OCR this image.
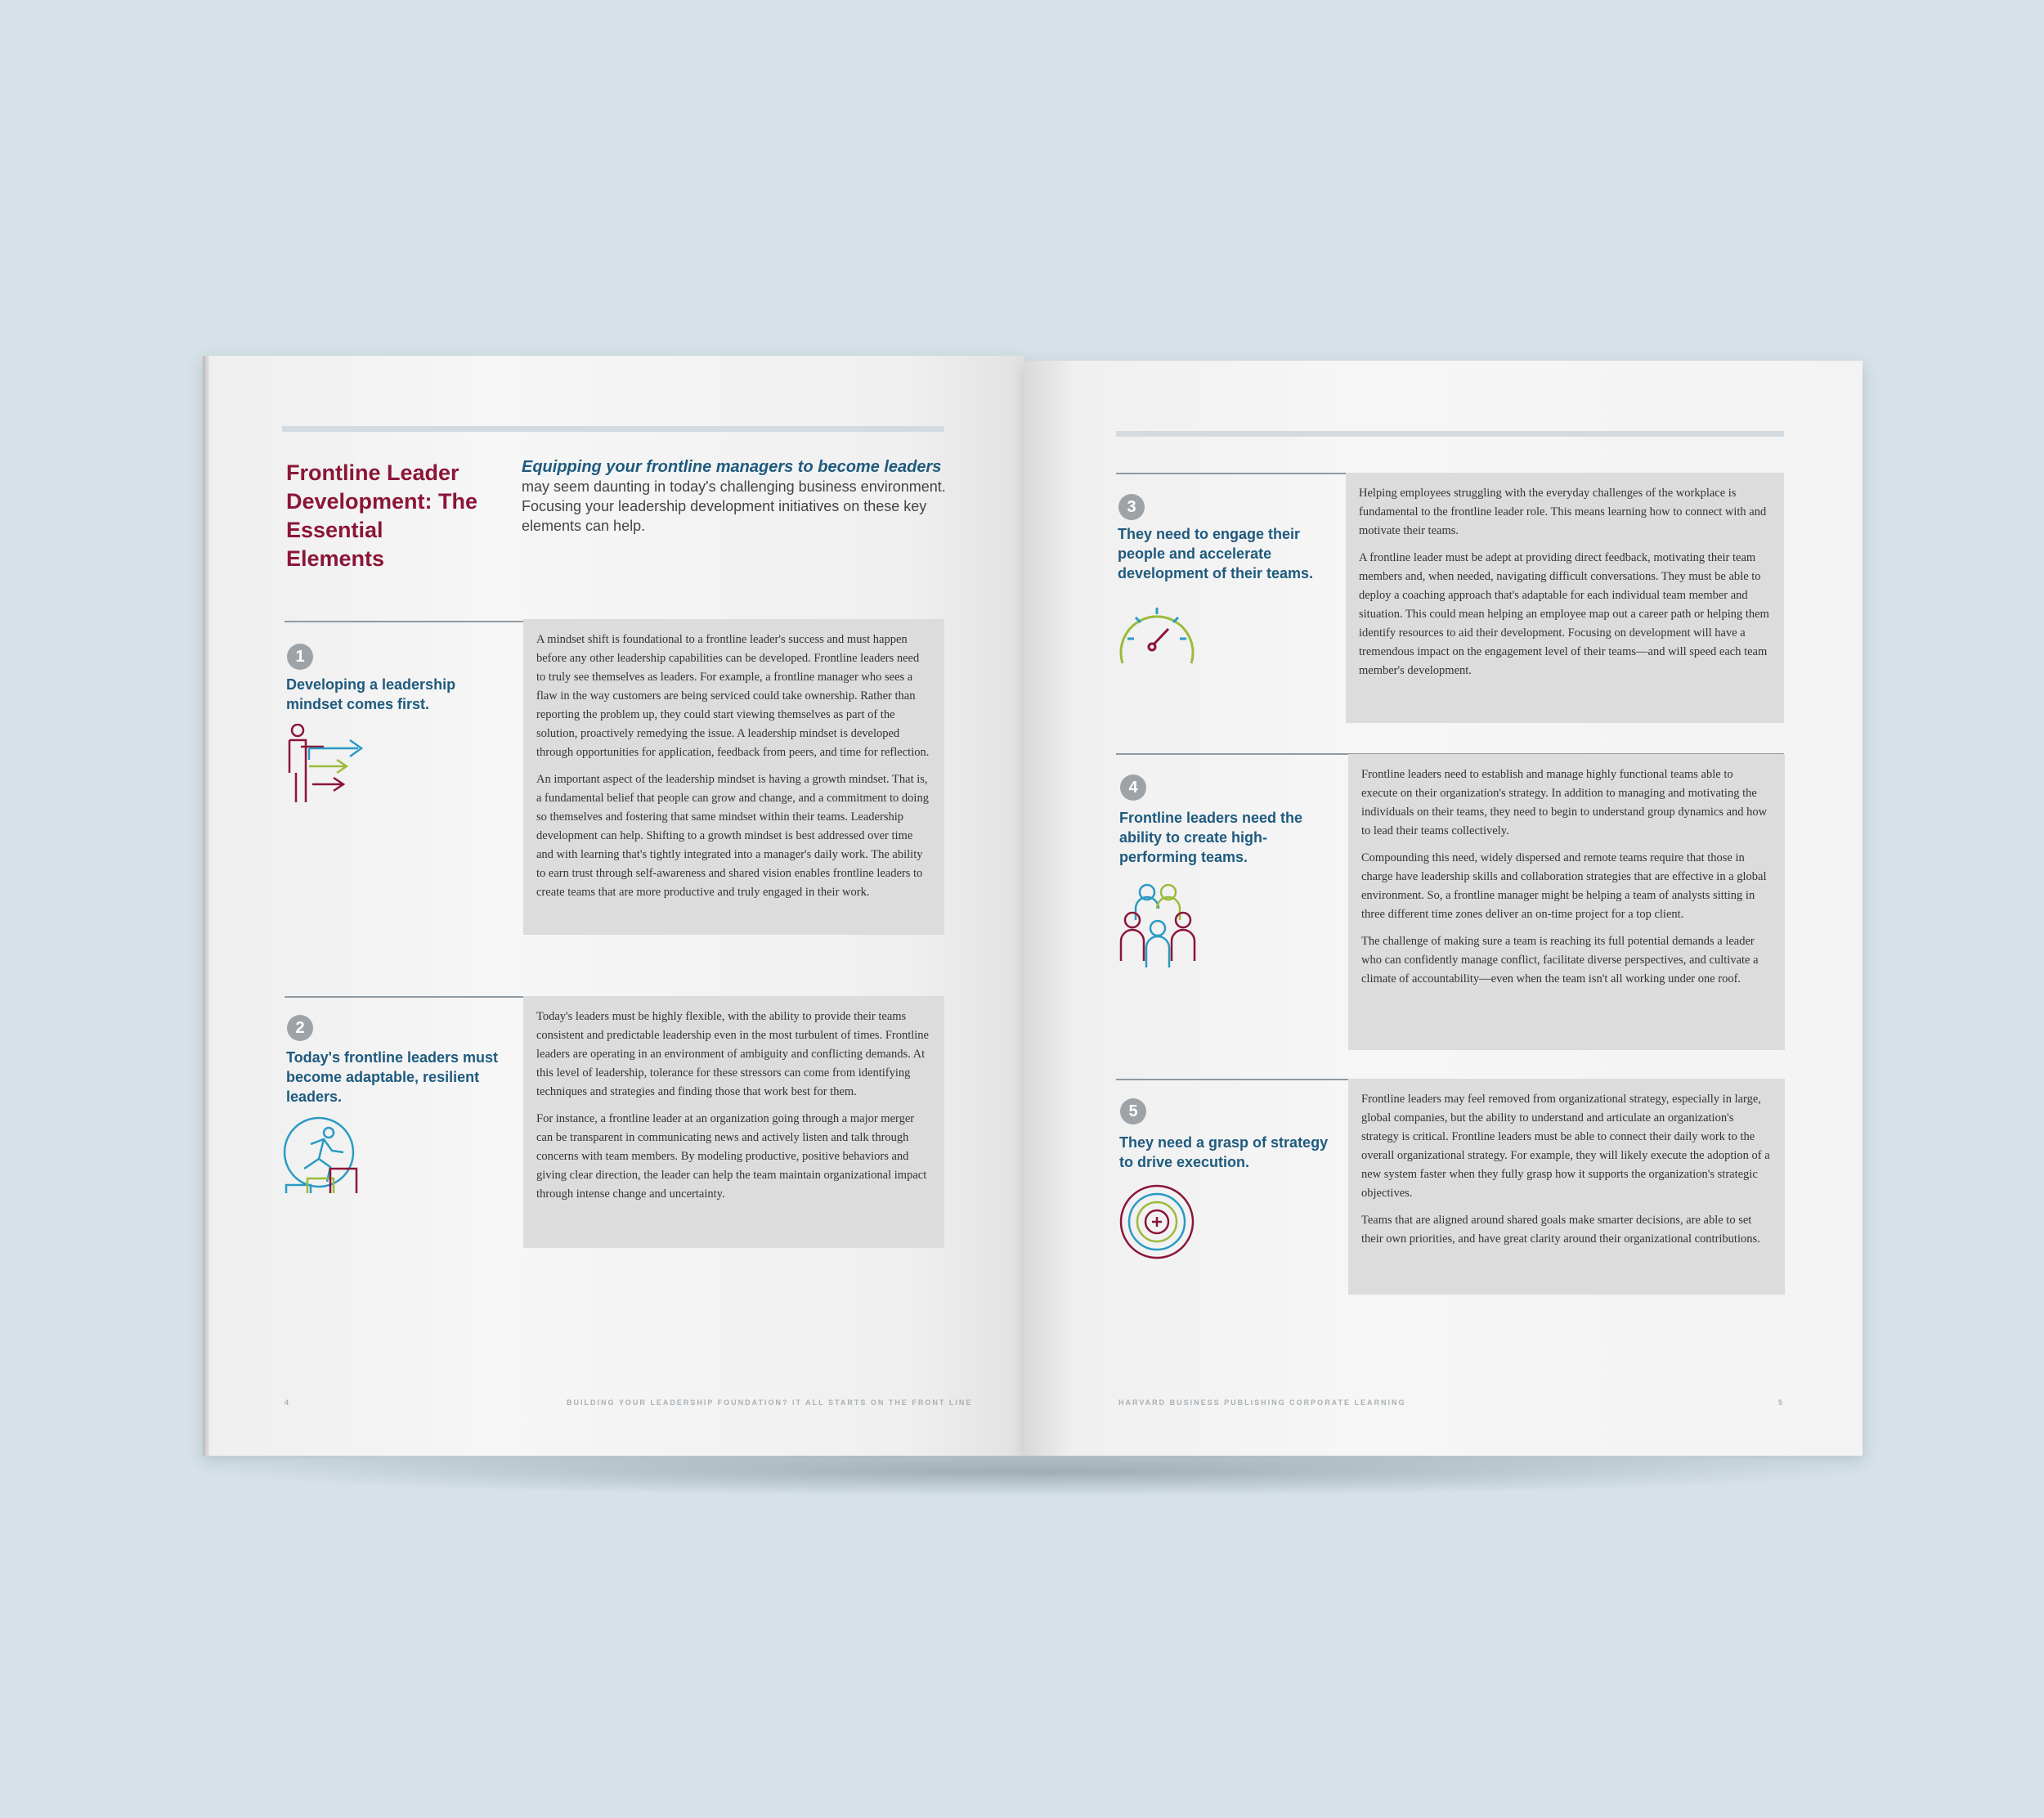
Frontline Leader Development: The Essential Elements
Equipping your frontline managers to become leaders
may seem daunting in today's challenging business environment. Focusing your leadership development initiatives on these key elements can help.
1
Developing a leadership mindset comes first.

A mindset shift is foundational to a frontline leader's success and must happen before any other leadership capabilities can be developed. Frontline leaders need to truly see themselves as leaders. For example, a frontline manager who sees a flaw in the way customers are being serviced could take ownership. Rather than reporting the problem up, they could start viewing themselves as part of the solution, proactively remedying the issue. A leadership mindset is developed through opportunities for application, feedback from peers, and time for reflection.

An important aspect of the leadership mindset is having a growth mindset. That is, a fundamental belief that people can grow and change, and a commitment to doing so themselves and fostering that same mindset within their teams. Leadership development can help. Shifting to a growth mindset is best addressed over time and with learning that's tightly integrated into a manager's daily work. The ability to earn trust through self-awareness and shared vision enables frontline leaders to create teams that are more productive and truly engaged in their work.

2
Today's frontline leaders must become adaptable, resilient leaders.

Today's leaders must be highly flexible, with the ability to provide their teams consistent and predictable leadership even in the most turbulent of times. Frontline leaders are operating in an environment of ambiguity and conflicting demands. At this level of leadership, tolerance for these stressors can come from identifying techniques and strategies and finding those that work best for them.

For instance, a frontline leader at an organization going through a major merger can be transparent in communicating news and actively listen and talk through concerns with team members. By modeling productive, positive behaviors and giving clear direction, the leader can help the team maintain organizational impact through intense change and uncertainty.

4	BUILDING YOUR LEADERSHIP FOUNDATION? IT ALL STARTS ON THE FRONT LINE
3
They need to engage their people and accelerate development of their teams.

Helping employees struggling with the everyday challenges of the workplace is fundamental to the frontline leader role. This means learning how to connect with and motivate their teams.

A frontline leader must be adept at providing direct feedback, motivating their team members and, when needed, navigating difficult conversations. They must be able to deploy a coaching approach that's adaptable for each individual team member and situation. This could mean helping an employee map out a career path or helping them identify resources to aid their development. Focusing on development will have a tremendous impact on the engagement level of their teams—and will speed each team member's development.

4
Frontline leaders need the ability to create high-performing teams.

Frontline leaders need to establish and manage highly functional teams able to execute on their organization's strategy. In addition to managing and motivating the individuals on their teams, they need to begin to understand group dynamics and how to lead their teams collectively.

Compounding this need, widely dispersed and remote teams require that those in charge have leadership skills and collaboration strategies that are effective in a global environment. So, a frontline manager might be helping a team of analysts sitting in three different time zones deliver an on-time project for a top client.

The challenge of making sure a team is reaching its full potential demands a leader who can confidently manage conflict, facilitate diverse perspectives, and cultivate a climate of accountability—even when the team isn't all working under one roof.

5
They need a grasp of strategy to drive execution.

Frontline leaders may feel removed from organizational strategy, especially in large, global companies, but the ability to understand and articulate an organization's strategy is critical. Frontline leaders must be able to connect their daily work to the overall organizational strategy. For example, they will likely execute the adoption of a new system faster when they fully grasp how it supports the organization's strategic objectives.

Teams that are aligned around shared goals make smarter decisions, are able to set their own priorities, and have great clarity around their organizational contributions.

HARVARD BUSINESS PUBLISHING CORPORATE LEARNING	5
